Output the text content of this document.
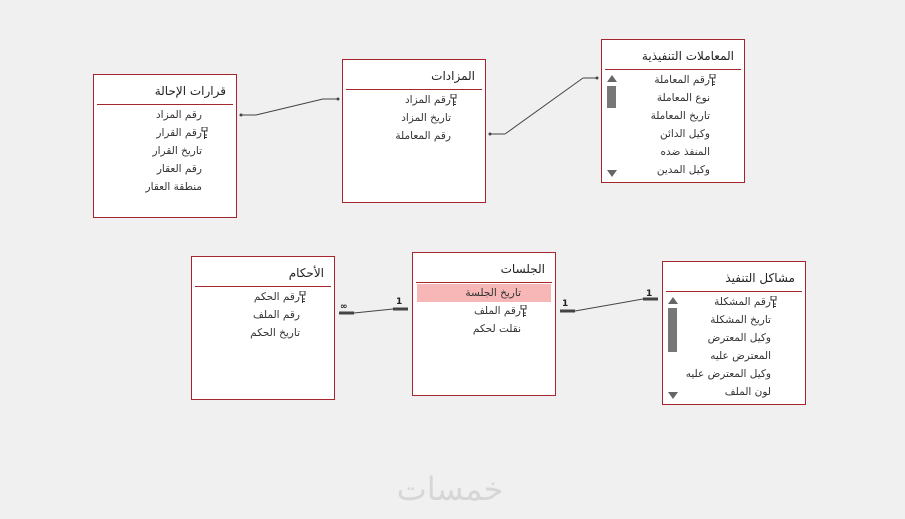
∞	1	1
1
قرارات الإحالة
رقم المزاد
رقم القرار
تاريخ القرار
رقم العقار
منطقة العقار
المزادات
رقم المزاد
تاريخ المزاد
رقم المعاملة
المعاملات التنفيذية
رقم المعاملة
نوع المعاملة
تاريخ المعاملة
وكيل الدائن
المنفذ ضده
وكيل المدين
الأحكام
رقم الحكم
رقم الملف
تاريخ الحكم
الجلسات
تاريخ الجلسة
رقم الملف
نقلت لحكم
مشاكل التنفيذ
رقم المشكلة
تاريخ المشكلة
وكيل المعترض
المعترض عليه
وكيل المعترض عليه
لون الملف
خمسات
